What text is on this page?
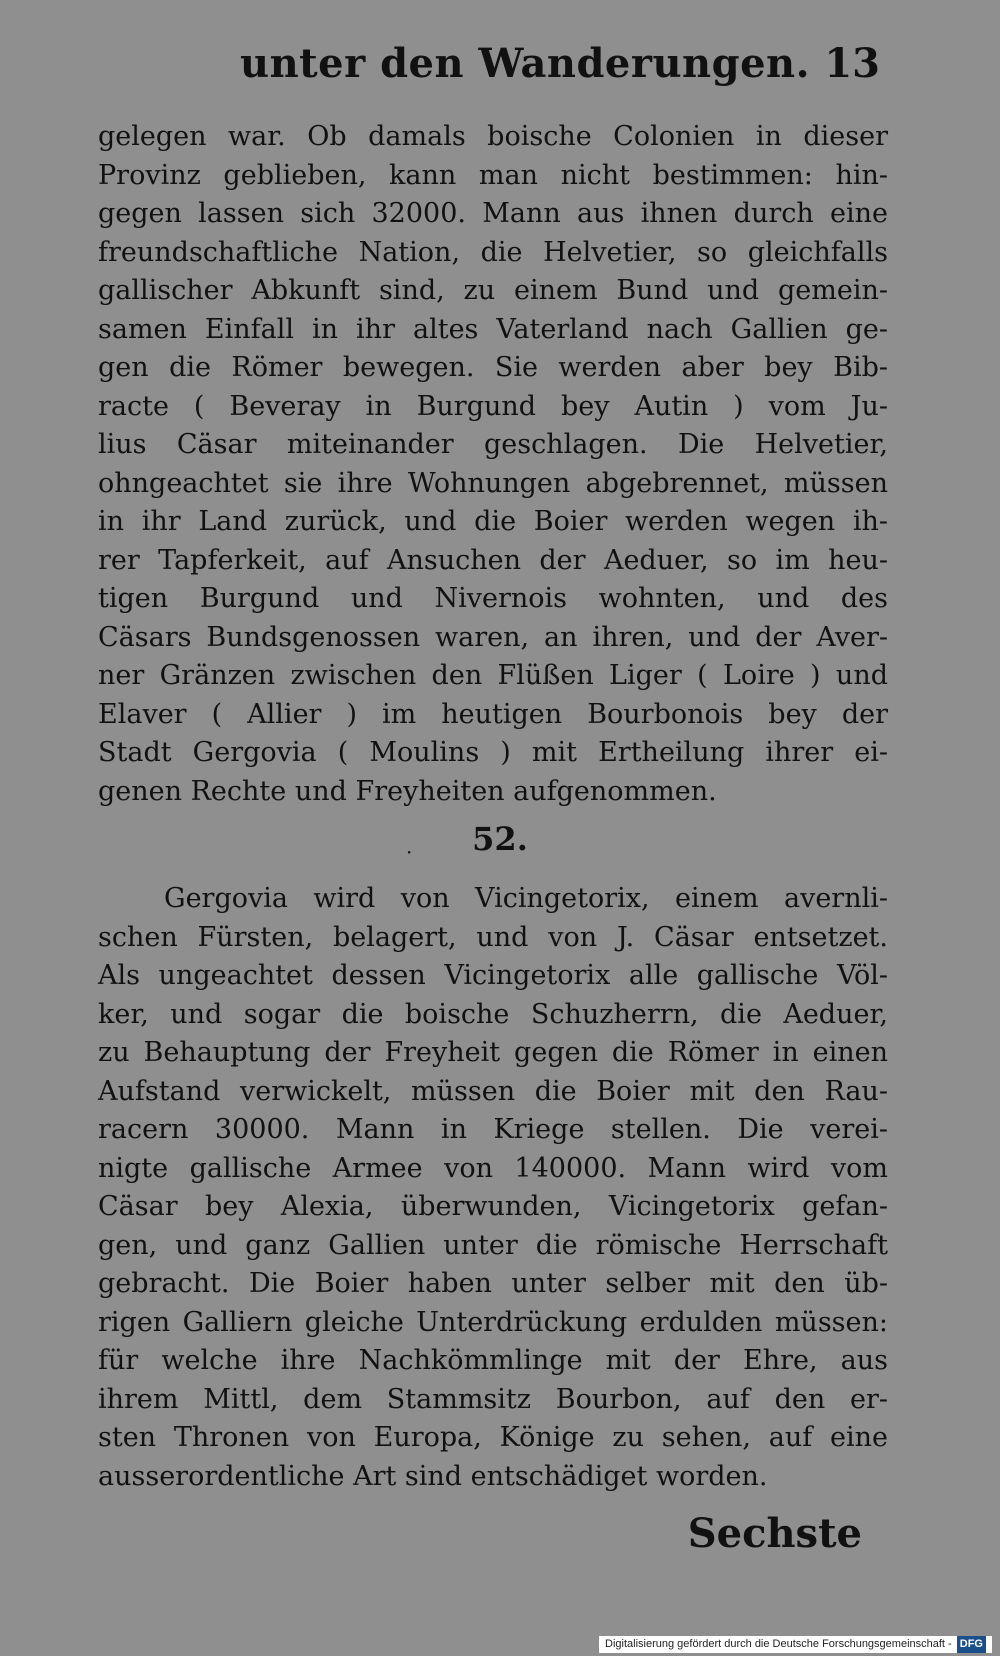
unter den Wanderungen. 13
gelegen war. Ob damals boische Colonien in dieser
Provinz geblieben, kann man nicht bestimmen: hin-
gegen lassen sich 32000. Mann aus ihnen durch eine
freundschaftliche Nation, die Helvetier, so gleichfalls
gallischer Abkunft sind, zu einem Bund und gemein-
samen Einfall in ihr altes Vaterland nach Gallien ge-
gen die Römer bewegen. Sie werden aber bey Bib-
racte ( Beveray in Burgund bey Autin ) vom Ju-
lius Cäsar miteinander geschlagen. Die Helvetier,
ohngeachtet sie ihre Wohnungen abgebrennet, müssen
in ihr Land zurück, und die Boier werden wegen ih-
rer Tapferkeit, auf Ansuchen der Aeduer, so im heu-
tigen Burgund und Nivernois wohnten, und des
Cäsars Bundsgenossen waren, an ihren, und der Aver-
ner Gränzen zwischen den Flüßen Liger ( Loire ) und
Elaver ( Allier ) im heutigen Bourbonois bey der
Stadt Gergovia ( Moulins ) mit Ertheilung ihrer ei-
genen Rechte und Freyheiten aufgenommen.
·	52.
Gergovia wird von Vicingetorix, einem avernli-
schen Fürsten, belagert, und von J. Cäsar entsetzet.
Als ungeachtet dessen Vicingetorix alle gallische Völ-
ker, und sogar die boische Schuzherrn, die Aeduer,
zu Behauptung der Freyheit gegen die Römer in einen
Aufstand verwickelt, müssen die Boier mit den Rau-
racern 30000. Mann in Kriege stellen. Die verei-
nigte gallische Armee von 140000. Mann wird vom
Cäsar bey Alexia, überwunden, Vicingetorix gefan-
gen, und ganz Gallien unter die römische Herrschaft
gebracht. Die Boier haben unter selber mit den üb-
rigen Galliern gleiche Unterdrückung erdulden müssen:
für welche ihre Nachkömmlinge mit der Ehre, aus
ihrem Mittl, dem Stammsitz Bourbon, auf den er-
sten Thronen von Europa, Könige zu sehen, auf eine
ausserordentliche Art sind entschädiget worden.
Sechste
Digitalisierung gefördert durch die Deutsche Forschungsgemeinschaft - DFG
